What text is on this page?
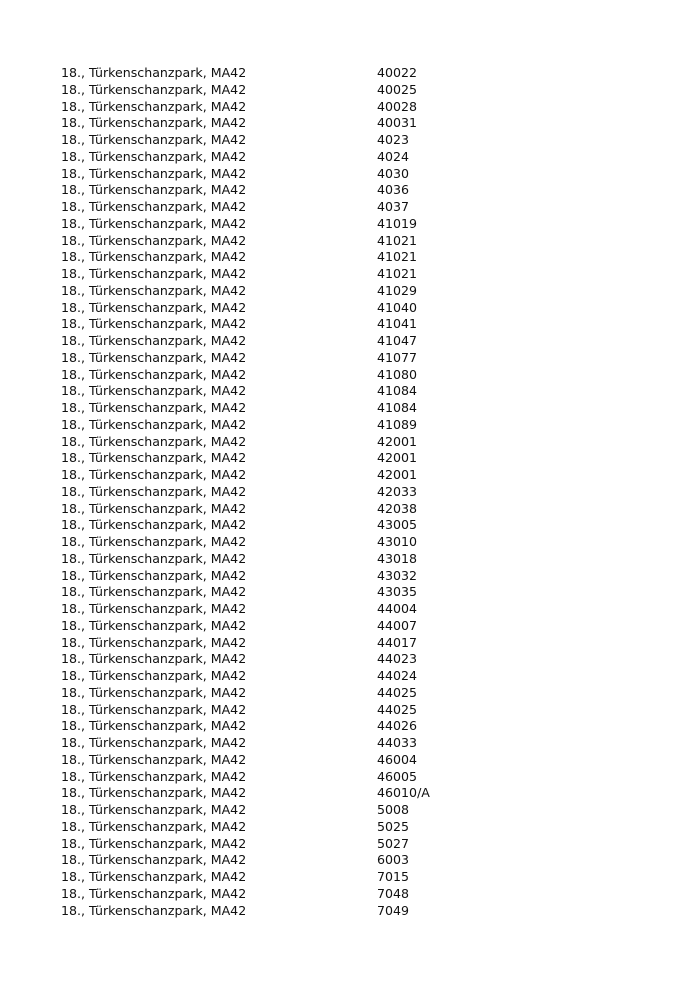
18., Türkenschanzpark, MA42	40022
18., Türkenschanzpark, MA42	40025
18., Türkenschanzpark, MA42	40028
18., Türkenschanzpark, MA42	40031
18., Türkenschanzpark, MA42	4023
18., Türkenschanzpark, MA42	4024
18., Türkenschanzpark, MA42	4030
18., Türkenschanzpark, MA42	4036
18., Türkenschanzpark, MA42	4037
18., Türkenschanzpark, MA42	41019
18., Türkenschanzpark, MA42	41021
18., Türkenschanzpark, MA42	41021
18., Türkenschanzpark, MA42	41021
18., Türkenschanzpark, MA42	41029
18., Türkenschanzpark, MA42	41040
18., Türkenschanzpark, MA42	41041
18., Türkenschanzpark, MA42	41047
18., Türkenschanzpark, MA42	41077
18., Türkenschanzpark, MA42	41080
18., Türkenschanzpark, MA42	41084
18., Türkenschanzpark, MA42	41084
18., Türkenschanzpark, MA42	41089
18., Türkenschanzpark, MA42	42001
18., Türkenschanzpark, MA42	42001
18., Türkenschanzpark, MA42	42001
18., Türkenschanzpark, MA42	42033
18., Türkenschanzpark, MA42	42038
18., Türkenschanzpark, MA42	43005
18., Türkenschanzpark, MA42	43010
18., Türkenschanzpark, MA42	43018
18., Türkenschanzpark, MA42	43032
18., Türkenschanzpark, MA42	43035
18., Türkenschanzpark, MA42	44004
18., Türkenschanzpark, MA42	44007
18., Türkenschanzpark, MA42	44017
18., Türkenschanzpark, MA42	44023
18., Türkenschanzpark, MA42	44024
18., Türkenschanzpark, MA42	44025
18., Türkenschanzpark, MA42	44025
18., Türkenschanzpark, MA42	44026
18., Türkenschanzpark, MA42	44033
18., Türkenschanzpark, MA42	46004
18., Türkenschanzpark, MA42	46005
18., Türkenschanzpark, MA42	46010/A
18., Türkenschanzpark, MA42	5008
18., Türkenschanzpark, MA42	5025
18., Türkenschanzpark, MA42	5027
18., Türkenschanzpark, MA42	6003
18., Türkenschanzpark, MA42	7015
18., Türkenschanzpark, MA42	7048
18., Türkenschanzpark, MA42	7049
